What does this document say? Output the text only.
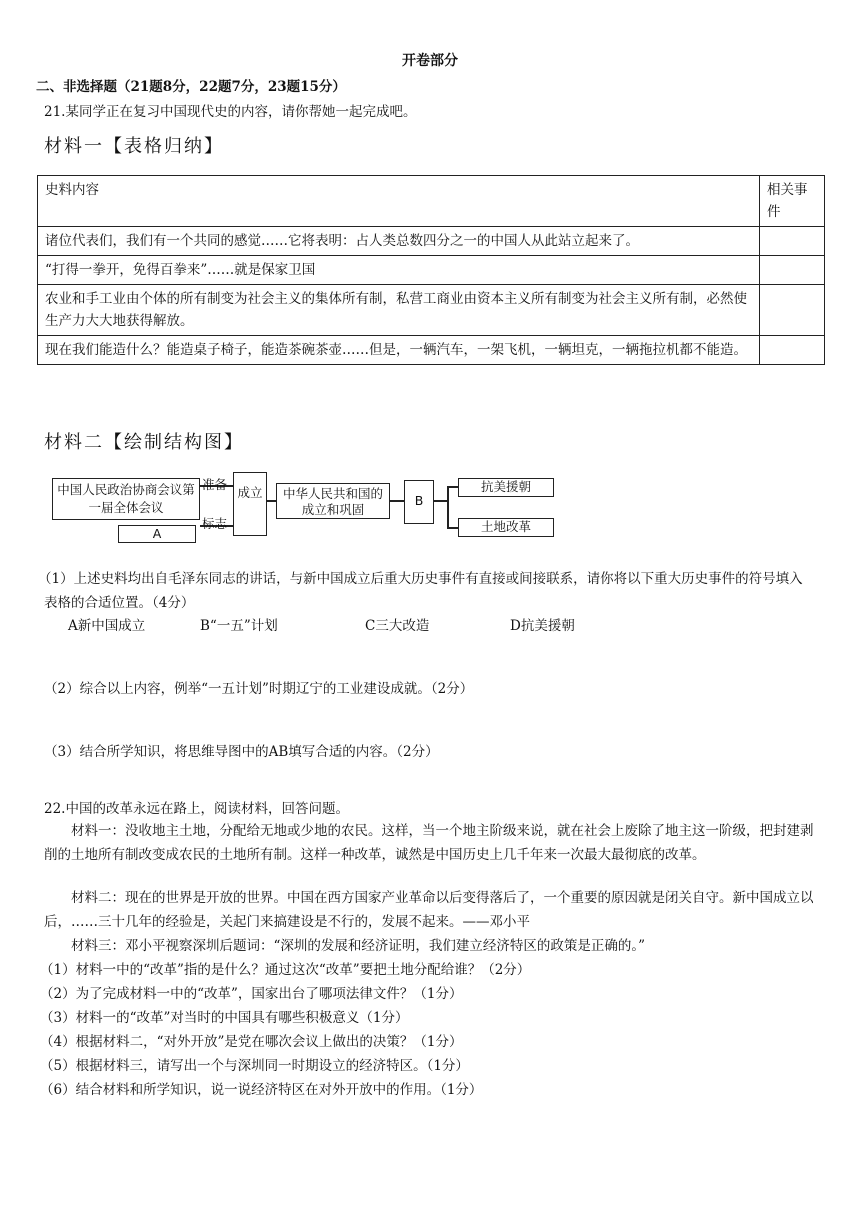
开卷部分
二、非选择题（21题8分，22题7分，23题15分）
21.某同学正在复习中国现代史的内容，请你帮她一起完成吧。
材料一【表格归纳】
史料内容	相关事件
诸位代表们，我们有一个共同的感觉……它将表明：占人类总数四分之一的中国人从此站立起来了。	
“打得一拳开，免得百拳来”……就是保家卫国	
农业和手工业由个体的所有制变为社会主义的集体所有制，私营工商业由资本主义所有制变为社会主义所有制，必然使生产力大大地获得解放。	
现在我们能造什么？能造桌子椅子，能造茶碗茶壶……但是，一辆汽车，一架飞机，一辆坦克，一辆拖拉机都不能造。	
材料二【绘制结构图】
中国人民政治协商会议第一届全体会议
A
准备
标志
成立	中华人民共和国的成立和巩固
B
抗美援朝
土地改革
（1）上述史料均出自毛泽东同志的讲话，与新中国成立后重大历史事件有直接或间接联系，请你将以下重大历史事件的符号填入表格的合适位置。（4分）
A新中国成立	B“一五”计划	C三大改造	D抗美援朝
（2）综合以上内容，例举“一五计划”时期辽宁的工业建设成就。（2分）
（3）结合所学知识，将思维导图中的AB填写合适的内容。（2分）
22.中国的改革永远在路上，阅读材料，回答问题。
材料一：没收地主土地，分配给无地或少地的农民。这样，当一个地主阶级来说，就在社会上废除了地主这一阶级，把封建剥削的土地所有制改变成农民的土地所有制。这样一种改革，诚然是中国历史上几千年来一次最大最彻底的改革。
材料二：现在的世界是开放的世界。中国在西方国家产业革命以后变得落后了，一个重要的原因就是闭关自守。新中国成立以后，……三十几年的经验是，关起门来搞建设是不行的，发展不起来。——邓小平
材料三：邓小平视察深圳后题词：“深圳的发展和经济证明，我们建立经济特区的政策是正确的。”
（1）材料一中的“改革”指的是什么？通过这次“改革”要把土地分配给谁？（2分）
（2）为了完成材料一中的“改革”，国家出台了哪项法律文件？（1分）
（3）材料一的“改革”对当时的中国具有哪些积极意义（1分）
（4）根据材料二，“对外开放”是党在哪次会议上做出的决策？（1分）
（5）根据材料三，请写出一个与深圳同一时期设立的经济特区。（1分）
（6）结合材料和所学知识，说一说经济特区在对外开放中的作用。（1分）
